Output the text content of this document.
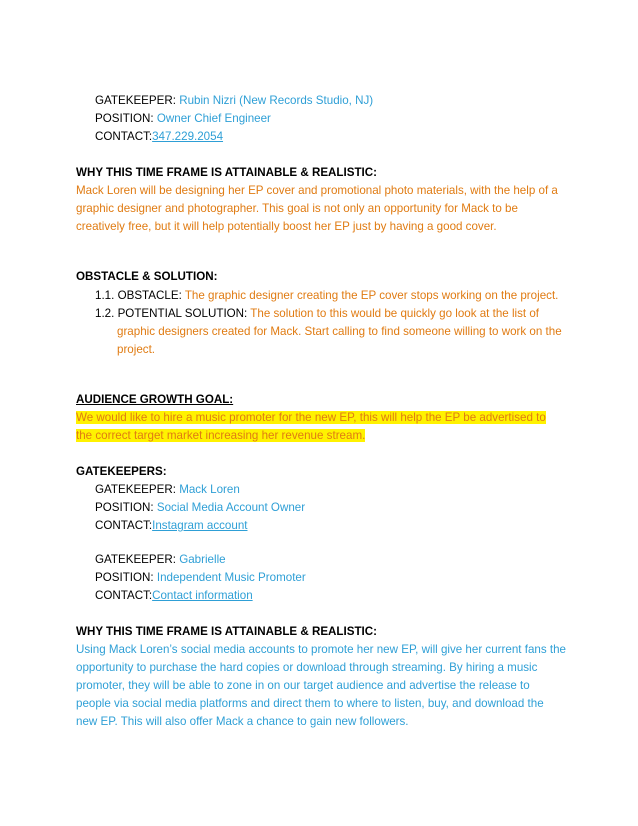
GATEKEEPER: Rubin Nizri (New Records Studio, NJ)
POSITION: Owner Chief Engineer
CONTACT:347.229.2054
WHY THIS TIME FRAME IS ATTAINABLE & REALISTIC:
Mack Loren will be designing her EP cover and promotional photo materials, with the help of a
graphic designer and photographer. This goal is not only an opportunity for Mack to be
creatively free, but it will help potentially boost her EP just by having a good cover.
OBSTACLE & SOLUTION:
1.1. OBSTACLE: The graphic designer creating the EP cover stops working on the project.
1.2. POTENTIAL SOLUTION: The solution to this would be quickly go look at the list of
graphic designers created for Mack. Start calling to find someone willing to work on the
project.
AUDIENCE GROWTH GOAL:
We would like to hire a music promoter for the new EP, this will help the EP be advertised to
the correct target market increasing her revenue stream.
GATEKEEPERS:
GATEKEEPER: Mack Loren
POSITION: Social Media Account Owner
CONTACT:Instagram account
GATEKEEPER: Gabrielle
POSITION: Independent Music Promoter
CONTACT:Contact information
WHY THIS TIME FRAME IS ATTAINABLE & REALISTIC:
Using Mack Loren’s social media accounts to promote her new EP, will give her current fans the
opportunity to purchase the hard copies or download through streaming. By hiring a music
promoter, they will be able to zone in on our target audience and advertise the release to
people via social media platforms and direct them to where to listen, buy, and download the
new EP. This will also offer Mack a chance to gain new followers.
